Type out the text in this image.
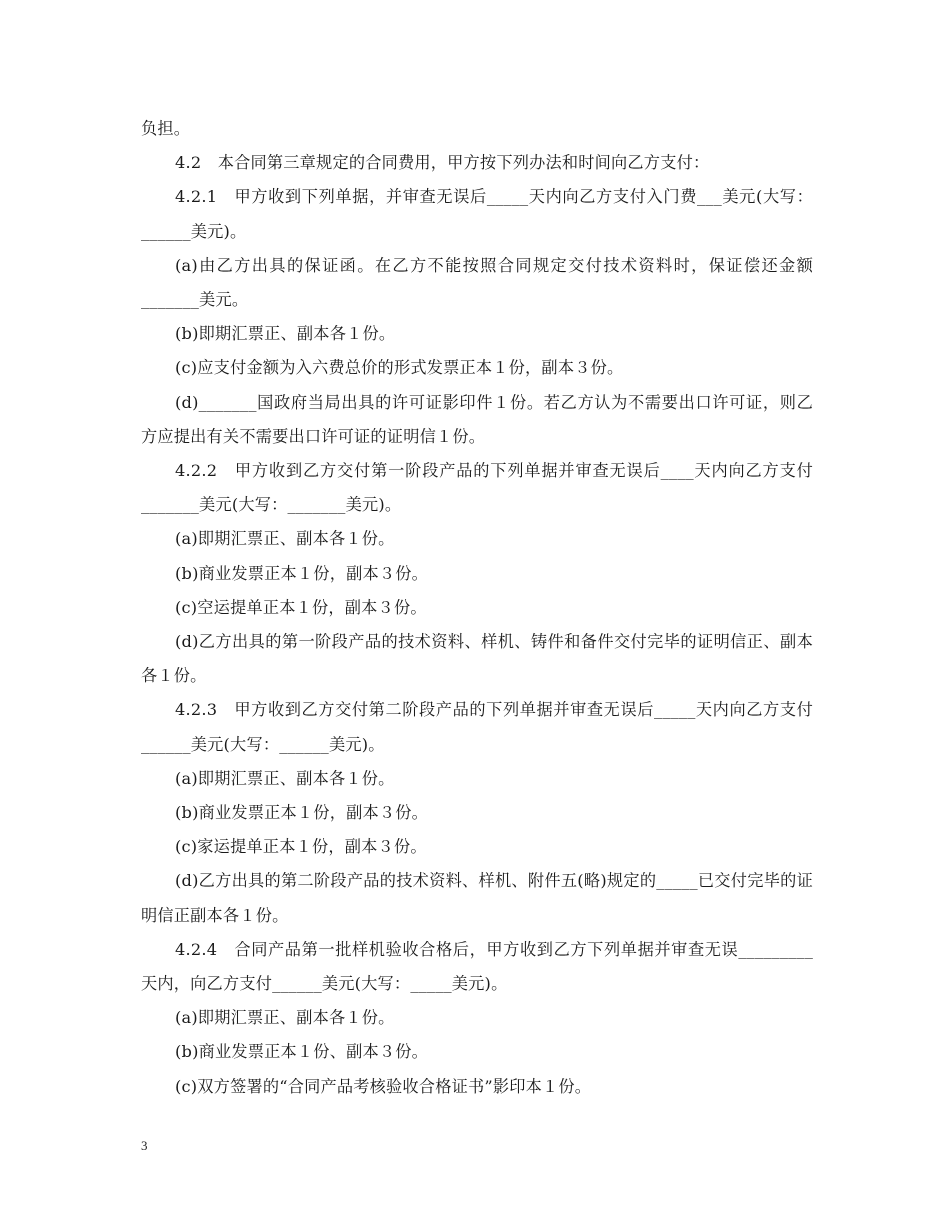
负担。

4.2　本合同第三章规定的合同费用，甲方按下列办法和时间向乙方支付：

4.2.1　甲方收到下列单据，并审查无误后_____天内向乙方支付入门费___美元(大写：______美元)。

(a)由乙方出具的保证函。在乙方不能按照合同规定交付技术资料时，保证偿还金额_______美元。

(b)即期汇票正、副本各１份。

(c)应支付金额为入六费总价的形式发票正本１份，副本３份。

(d)_______国政府当局出具的许可证影印件１份。若乙方认为不需要出口许可证，则乙方应提出有关不需要出口许可证的证明信１份。

4.2.2　甲方收到乙方交付第一阶段产品的下列单据并审查无误后____天内向乙方支付_______美元(大写：_______美元)。

(a)即期汇票正、副本各１份。

(b)商业发票正本１份，副本３份。

(c)空运提单正本１份，副本３份。

(d)乙方出具的第一阶段产品的技术资料、样机、铸件和备件交付完毕的证明信正、副本各１份。

4.2.3　甲方收到乙方交付第二阶段产品的下列单据并审查无误后_____天内向乙方支付______美元(大写：______美元)。

(a)即期汇票正、副本各１份。

(b)商业发票正本１份，副本３份。

(c)家运提单正本１份，副本３份。

(d)乙方出具的第二阶段产品的技术资料、样机、附件五(略)规定的_____已交付完毕的证明信正副本各１份。

4.2.4　合同产品第一批样机验收合格后，甲方收到乙方下列单据并审查无误_________天内，向乙方支付______美元(大写：_____美元)。

(a)即期汇票正、副本各１份。

(b)商业发票正本１份、副本３份。

(c)双方签署的“合同产品考核验收合格证书”影印本１份。

3
